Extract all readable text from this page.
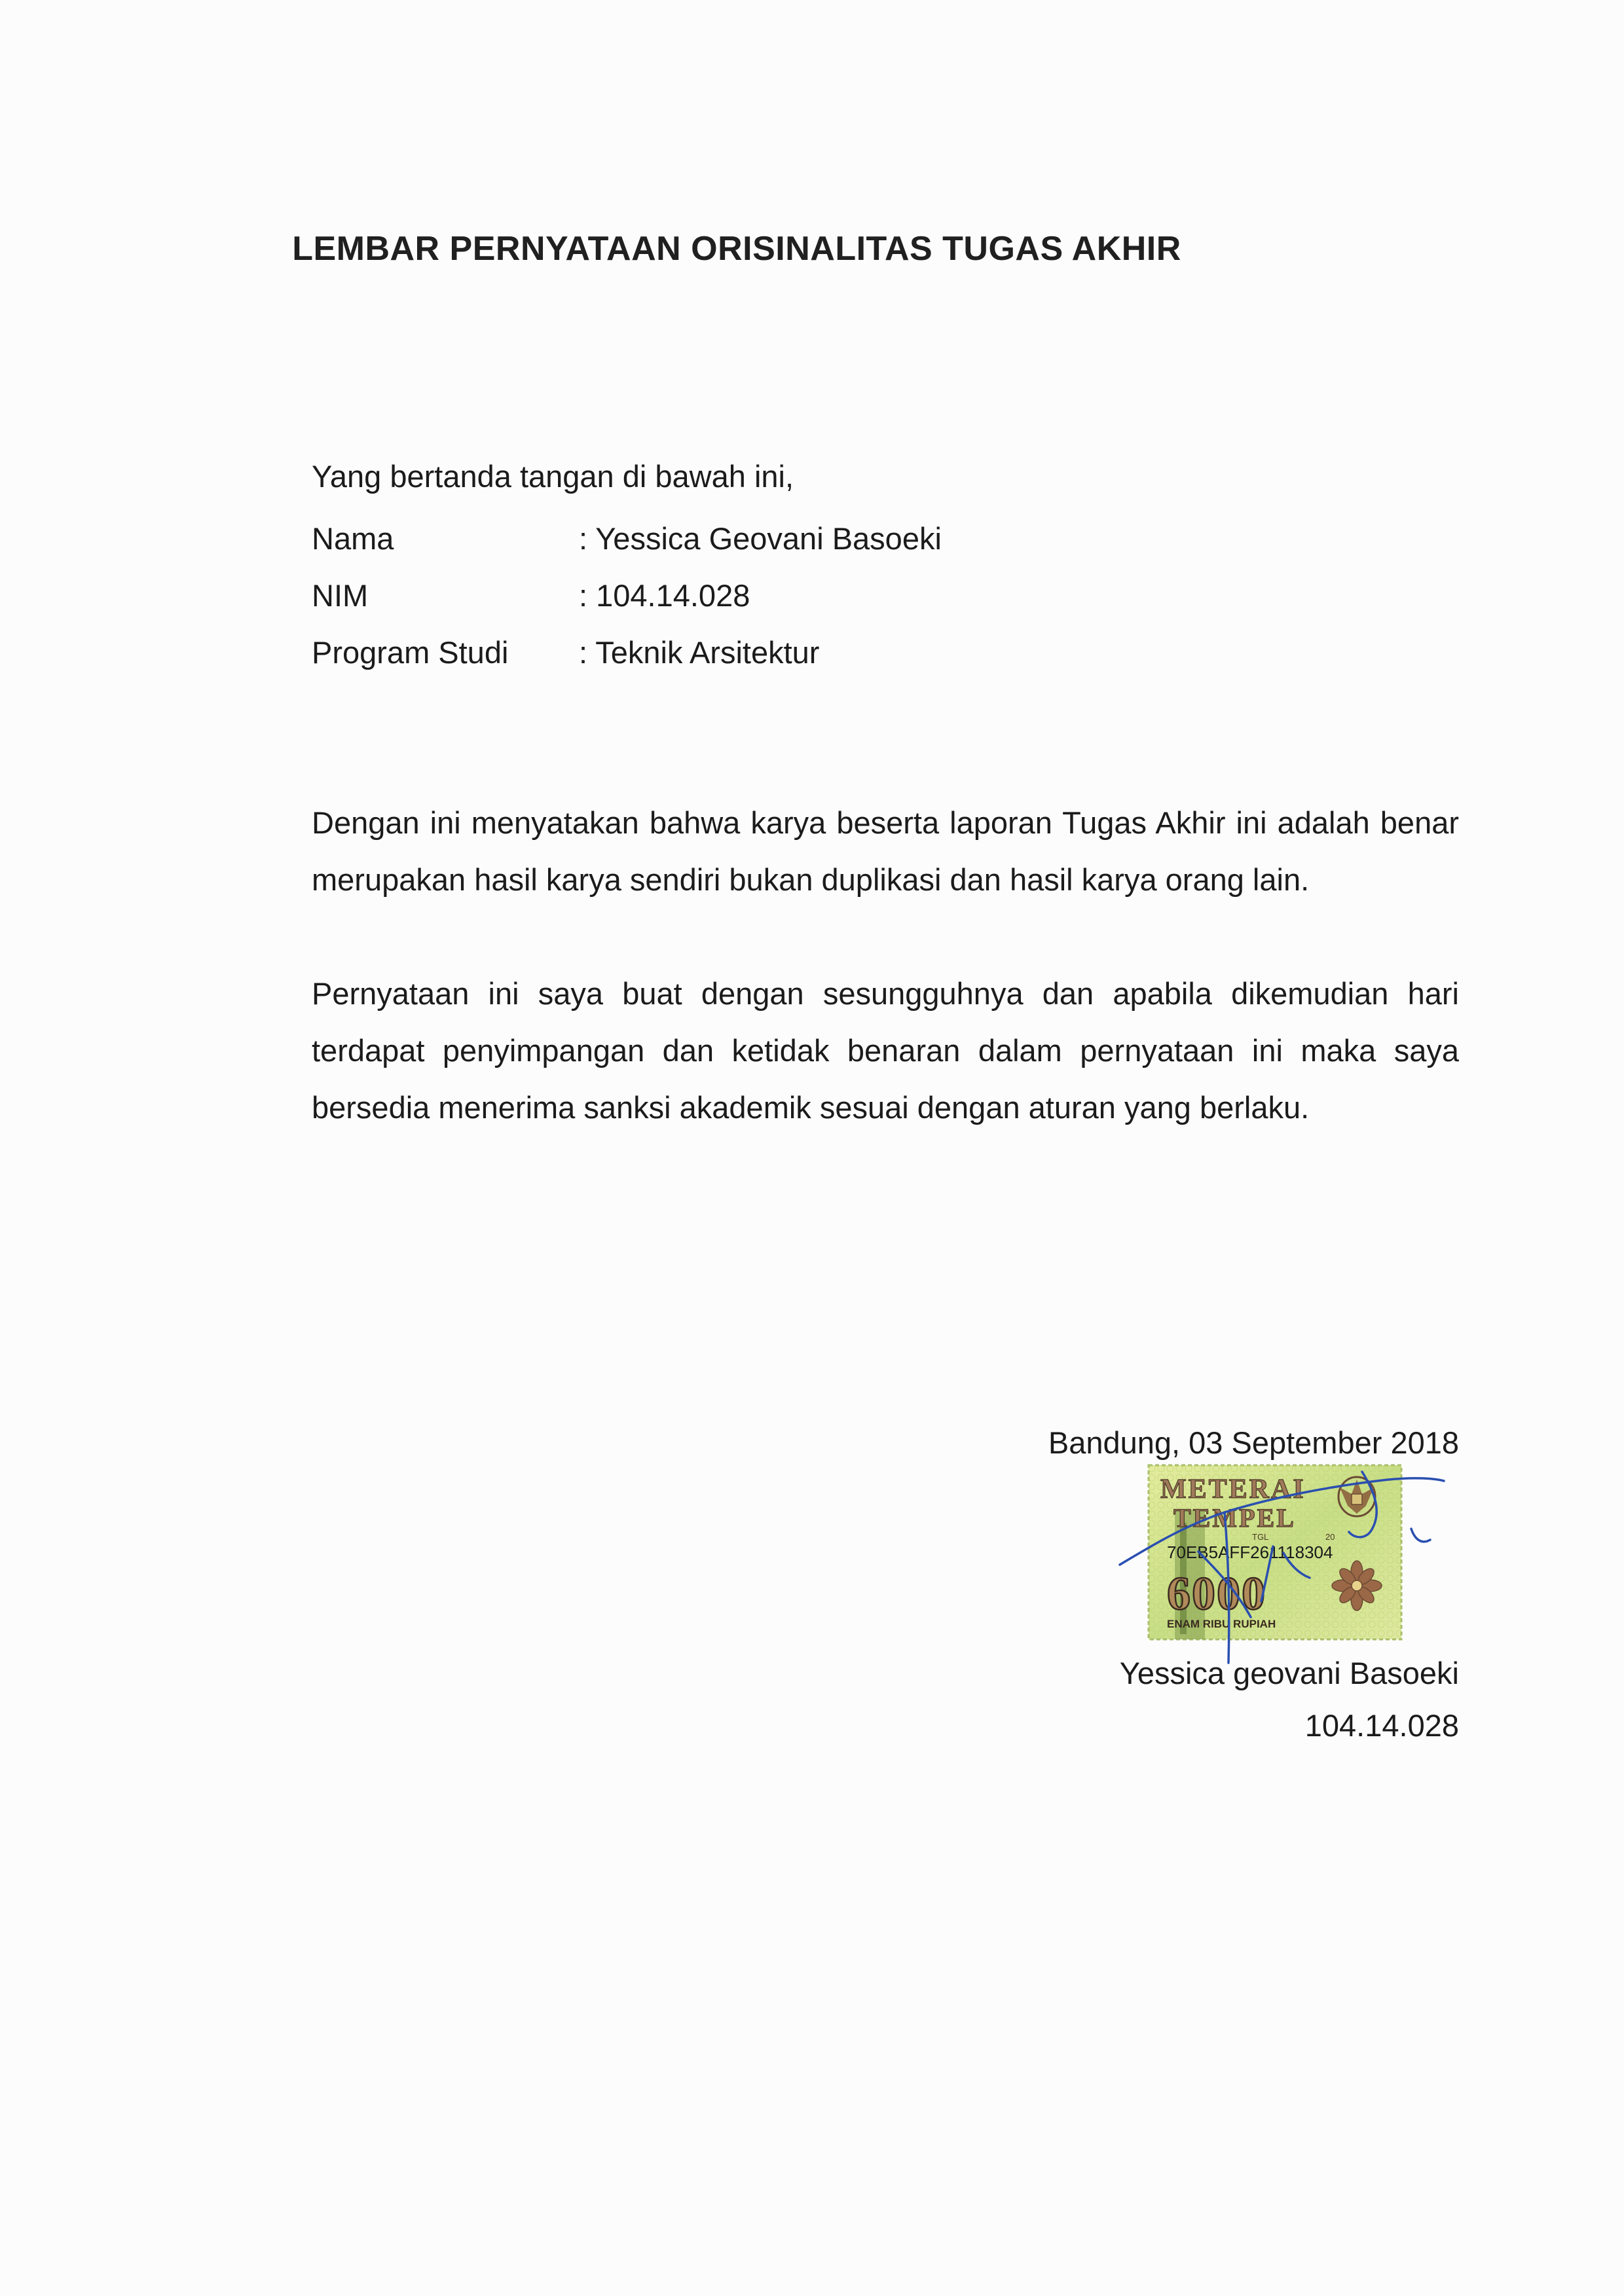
LEMBAR PERNYATAAN ORISINALITAS TUGAS AKHIR
Yang bertanda tangan di bawah ini,
Nama	: Yessica Geovani Basoeki
NIM	: 104.14.028
Program Studi : Teknik Arsitektur
Dengan ini menyatakan bahwa karya beserta laporan Tugas Akhir ini adalah benar merupakan hasil karya sendiri bukan duplikasi dan hasil karya orang lain.
Pernyataan ini saya buat dengan sesungguhnya dan apabila dikemudian hari terdapat penyimpangan dan ketidak benaran dalam pernyataan ini maka saya bersedia menerima sanksi akademik sesuai dengan aturan yang berlaku.
Bandung, 03 September 2018
METERAI
TEMPEL
TGL	20
70EB5AFF261118304
6000
ENAM RIBU RUPIAH
Yessica geovani Basoeki
104.14.028
